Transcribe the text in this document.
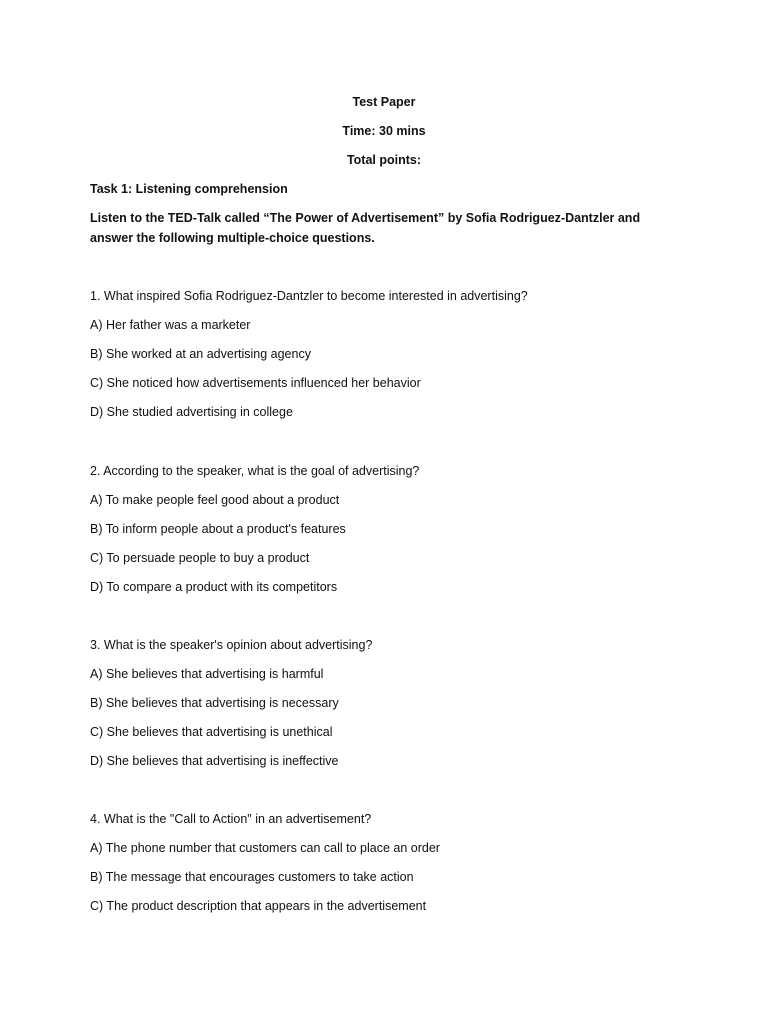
Test Paper
Time: 30 mins
Total points:
Task 1: Listening comprehension
Listen to the TED-Talk called “The Power of Advertisement” by Sofia Rodriguez-Dantzler and answer the following multiple-choice questions.
1. What inspired Sofia Rodriguez-Dantzler to become interested in advertising?
A) Her father was a marketer
B) She worked at an advertising agency
C) She noticed how advertisements influenced her behavior
D) She studied advertising in college
2. According to the speaker, what is the goal of advertising?
A) To make people feel good about a product
B) To inform people about a product's features
C) To persuade people to buy a product
D) To compare a product with its competitors
3. What is the speaker's opinion about advertising?
A) She believes that advertising is harmful
B) She believes that advertising is necessary
C) She believes that advertising is unethical
D) She believes that advertising is ineffective
4. What is the "Call to Action" in an advertisement?
A) The phone number that customers can call to place an order
B) The message that encourages customers to take action
C) The product description that appears in the advertisement
